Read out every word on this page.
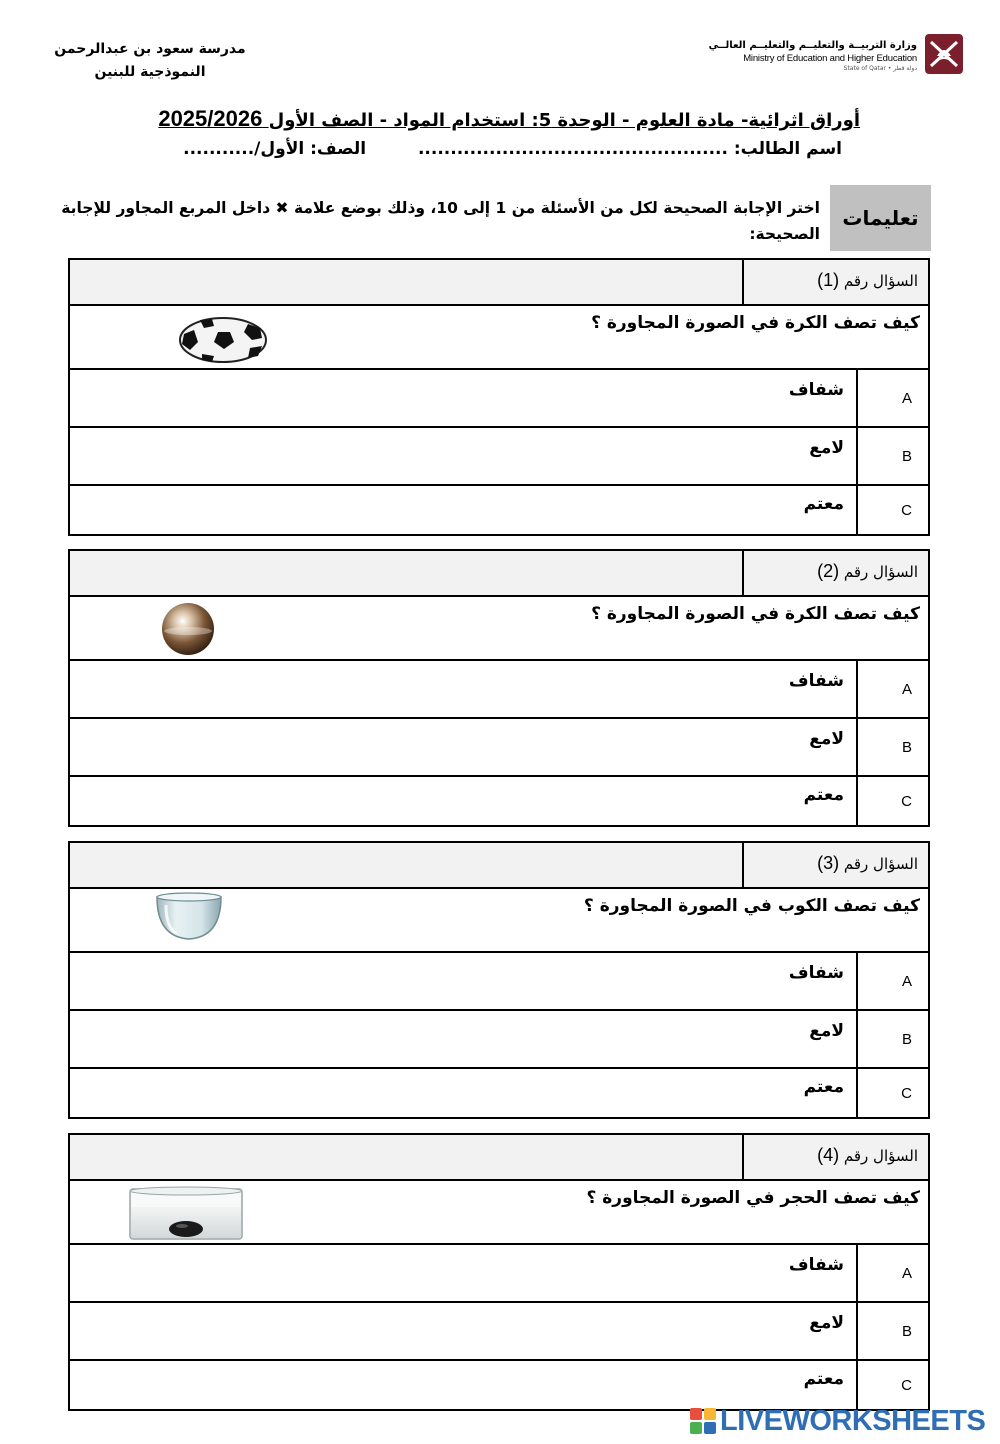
مدرسة سعود بن عبدالرحمن
النموذجية للبنين
وزارة التربيــة والتعليــم والتعليــم العالــي
Ministry of Education and Higher Education
دولة قطر • State of Qatar
أوراق اثرائية- مادة العلوم - الوحدة 5: استخدام المواد - الصف الأول 2025/2026
اسم الطالب: ................................................  الصف: الأول/...........
تعليمات
اختر الإجابة الصحيحة لكل من الأسئلة من 1 إلى 10، وذلك بوضع علامة ✖ داخل المربع المجاور للإجابة الصحيحة:
السؤال رقم (1)
كيف تصف الكرة في الصورة المجاورة ؟
A
شفاف
B
لامع
C
معتم
السؤال رقم (2)
كيف تصف الكرة في الصورة المجاورة ؟
A
شفاف
B
لامع
C
معتم
السؤال رقم (3)
كيف تصف الكوب في الصورة المجاورة ؟
A
شفاف
B
لامع
C
معتم
السؤال رقم (4)
كيف تصف الحجر في الصورة المجاورة ؟
A
شفاف
B
لامع
C
معتم
LIVEWORKSHEETS
